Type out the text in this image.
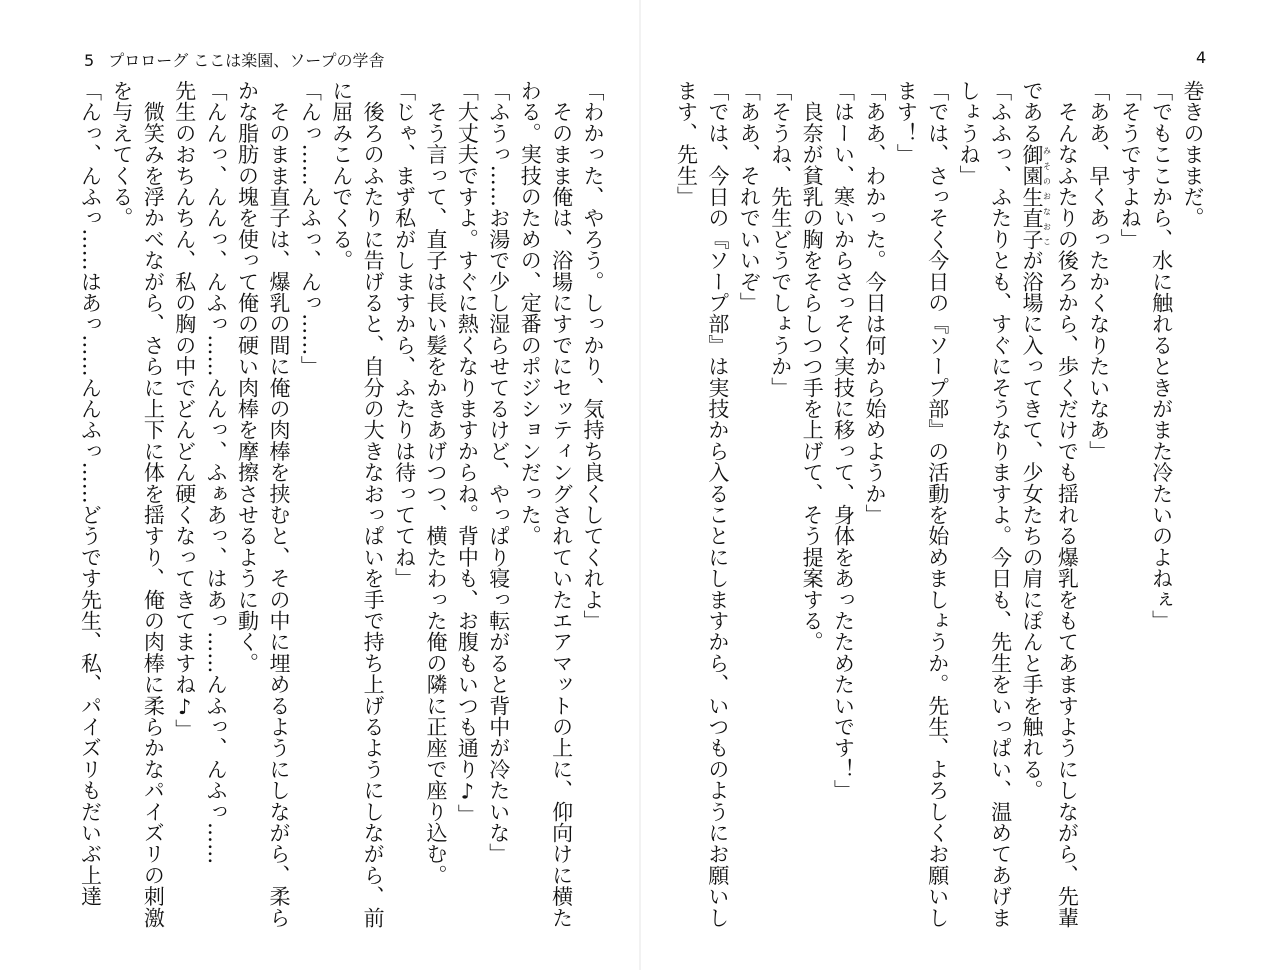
5 プロローグ ここは楽園、ソープの学舎	4
巻きのままだ。
「でもここから、水に触れるときがまた冷たいのよねぇ」
「そうですよね」
「ああ、早くあったかくなりたいなあ」
　そんなふたりの後ろから、歩くだけでも揺れる爆乳をもてあますようにしながら、先輩
である御園生直子みそのおなおこが浴場に入ってきて、少女たちの肩にぽんと手を触れる。
「ふふっ、ふたりとも、すぐにそうなりますよ。今日も、先生をいっぱい、温めてあげま
しょうね」
「では、さっそく今日の『ソープ部』の活動を始めましょうか。先生、よろしくお願いし
ます！」
「ああ、わかった。今日は何から始めようか」
「はーい、寒いからさっそく実技に移って、身体をあったためたいです！」
　良奈が貧乳の胸をそらしつつ手を上げて、そう提案する。
「そうね、先生どうでしょうか」
「ああ、それでいいぞ」
「では、今日の『ソープ部』は実技から入ることにしますから、いつものようにお願いし
ます、先生」
「わかった、やろう。しっかり、気持ち良くしてくれよ」
　そのまま俺は、浴場にすでにセッティングされていたエアマットの上に、仰向けに横た
わる。実技のための、定番のポジションだった。
「ふうっ……お湯で少し湿らせてるけど、やっぱり寝っ転がると背中が冷たいな」
「大丈夫ですよ。すぐに熱くなりますからね。背中も、お腹もいつも通り♪」
　そう言って、直子は長い髪をかきあげつつ、横たわった俺の隣に正座で座り込む。
「じゃ、まず私がしますから、ふたりは待っててね」
　後ろのふたりに告げると、自分の大きなおっぱいを手で持ち上げるようにしながら、前
に屈みこんでくる。
「んっ……んふっ、んっ……」
　そのまま直子は、爆乳の間に俺の肉棒を挟むと、その中に埋めるようにしながら、柔ら
かな脂肪の塊を使って俺の硬い肉棒を摩擦させるように動く。
「んんっ、んんっ、んふっ……んんっ、ふぁあっ、はあっ……んふっ、んふっ……
先生のおちんちん、私の胸の中でどんどん硬くなってきてますね♪」
　微笑みを浮かべながら、さらに上下に体を揺すり、俺の肉棒に柔らかなパイズリの刺激
を与えてくる。
「んっ、んふっ……はあっ……んんふっ……どうです先生、私、パイズリもだいぶ上達
